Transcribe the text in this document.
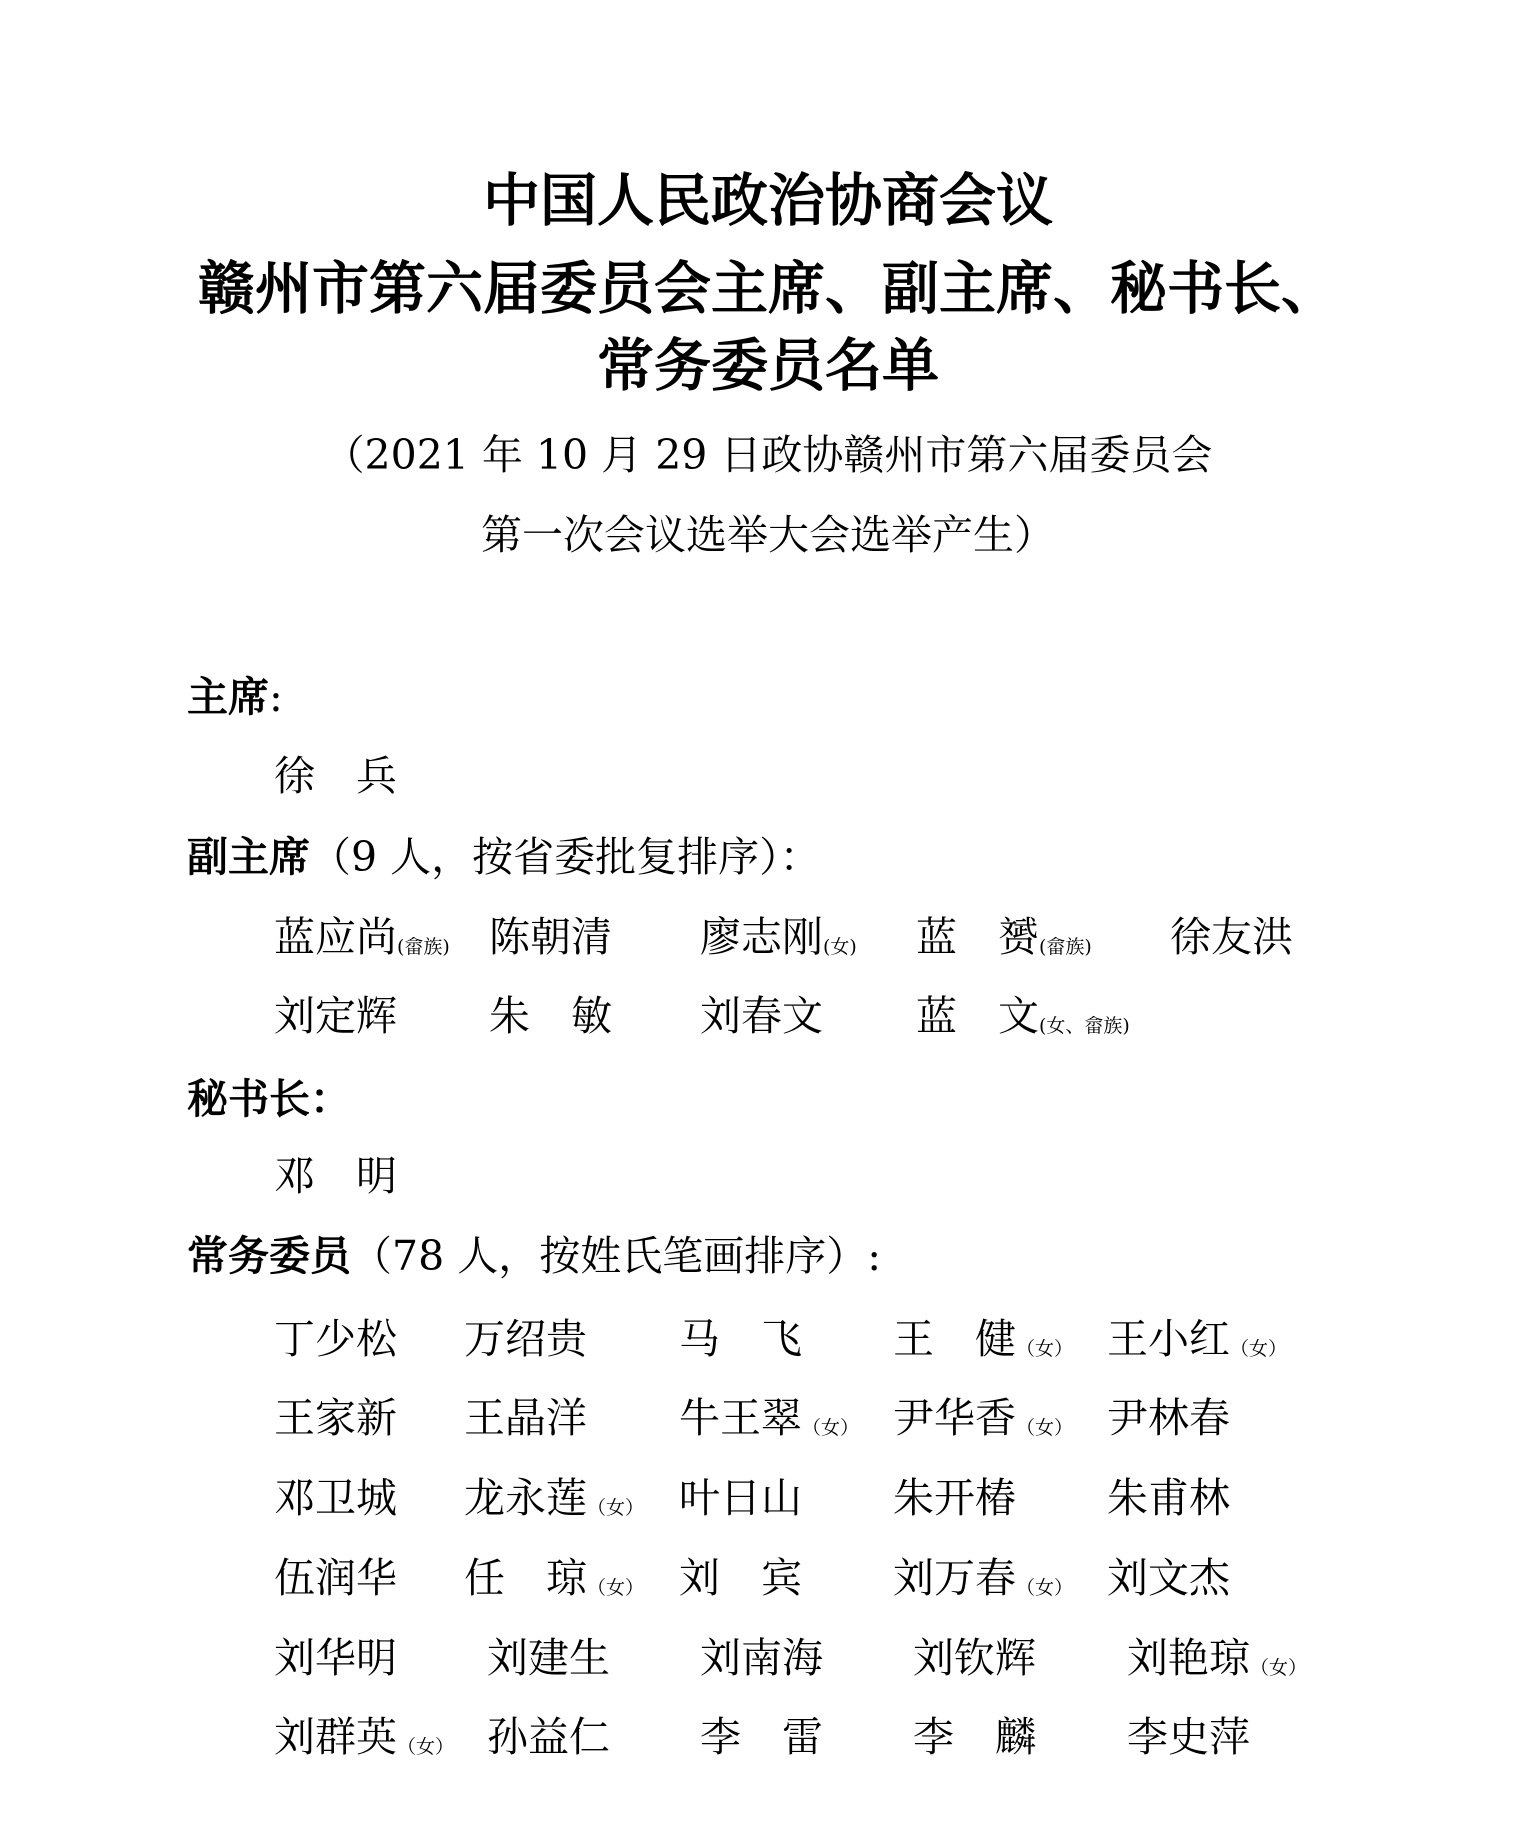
中国人民政治协商会议
赣州市第六届委员会主席、副主席、秘书长、
常务委员名单
（2021 年 10 月 29 日政协赣州市第六届委员会
第一次会议选举大会选举产生）
主席:
徐　兵
副主席（9 人，按省委批复排序）：
蓝应尚(畲族) 陈朝清 廖志刚(女) 蓝　赟(畲族) 徐友洪
刘定辉 朱　敏 刘春文 蓝　文(女、畲族)
秘书长：
邓　明
常务委员（78 人，按姓氏笔画排序）:
丁少松 万绍贵 马　飞 王　健（女） 王小红（女）
王家新 王晶洋 牛王翠（女） 尹华香（女） 尹林春
邓卫城 龙永莲（女） 叶日山 朱开椿 朱甫林
伍润华 任　琼（女） 刘　宾 刘万春（女） 刘文杰
刘华明 刘建生 刘南海 刘钦辉 刘艳琼（女）
刘群英（女） 孙益仁 李　雷 李　麟 李史萍
